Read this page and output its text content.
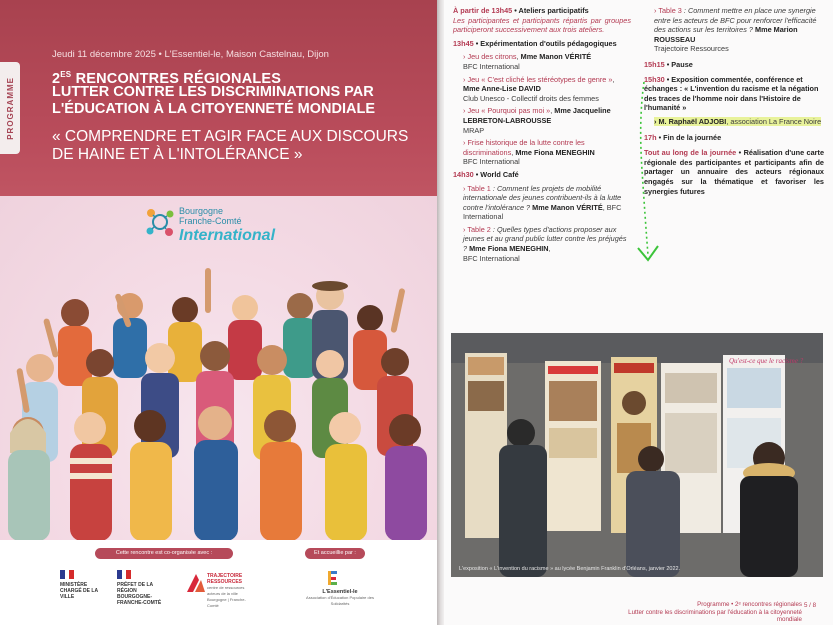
PROGRAMME
Jeudi 11 décembre 2025 • L'Essentiel-le, Maison Castelnau, Dijon
$2^{ES}$ RENCONTRES RÉGIONALES
LUTTER CONTRE LES DISCRIMINATIONS PAR L'ÉDUCATION À LA CITOYENNETÉ MONDIALE
« COMPRENDRE ET AGIR FACE AUX DISCOURS DE HAINE ET À L'INTOLÉRANCE »
Bourgogne
Franche-Comté
International
Cette rencontre est co-organisée avec :	Et accueillie par :
MINISTÈRE CHARGÉ DE LA VILLE
PRÉFET DE LA RÉGION BOURGOGNE-FRANCHE-COMTÉ
TRAJECTOIRE RESSOURCES
centre de ressources acteurs de la ville Bourgogne | Franche-Comté
L'Essentiel-le
Association d'Éducation Populaire des Solidarités
À partir de 13h45 • Ateliers participatifs
Les participantes et participants répartis par groupes participeront successivement aux trois ateliers.
13h45 • Expérimentation d'outils pédagogiques
› Jeu des citrons, Mme Manon VÉRITÉ
BFC International
› Jeu « C'est cliché les stéréotypes de genre », Mme Anne-Lise DAVID
Club Unesco - Collectif droits des femmes
› Jeu « Pourquoi pas moi », Mme Jacqueline LEBRETON-LABROUSSE
MRAP
› Frise historique de la lutte contre les discriminations, Mme Fiona MENEGHIN
BFC International
14h30 • World Café
› Table 1 : Comment les projets de mobilité internationale des jeunes contribuent-ils à la lutte contre l'intolérance ? Mme Manon VÉRITÉ, BFC International
› Table 2 : Quelles types d'actions proposer aux jeunes et au grand public lutter contre les préjugés ? Mme Fiona MENEGHIN,
BFC International
› Table 3 : Comment mettre en place une synergie entre les acteurs de BFC pour renforcer l'efficacité des actions sur les territoires ? Mme Marion ROUSSEAU
Trajectoire Ressources
15h15 • Pause
15h30 • Exposition commentée, conférence et échanges : « L'invention du racisme et la négation des traces de l'homme noir dans l'Histoire de l'humanité »
› M. Raphaël ADJOBI, association La France Noire
17h • Fin de la journée
Tout au long de la journée • Réalisation d'une carte régionale des participantes et participants afin de partager un annuaire des acteurs régionaux engagés sur la thématique et favoriser les synergies futures
Qu'est-ce que le racisme ?
L'exposition « L'invention du racisme » au lycée Benjamin Franklin d'Orléans, janvier 2022.
Programme • 2ᵉ rencontres régionales
Lutter contre les discriminations par l'éducation à la citoyenneté mondiale
5 / 8
